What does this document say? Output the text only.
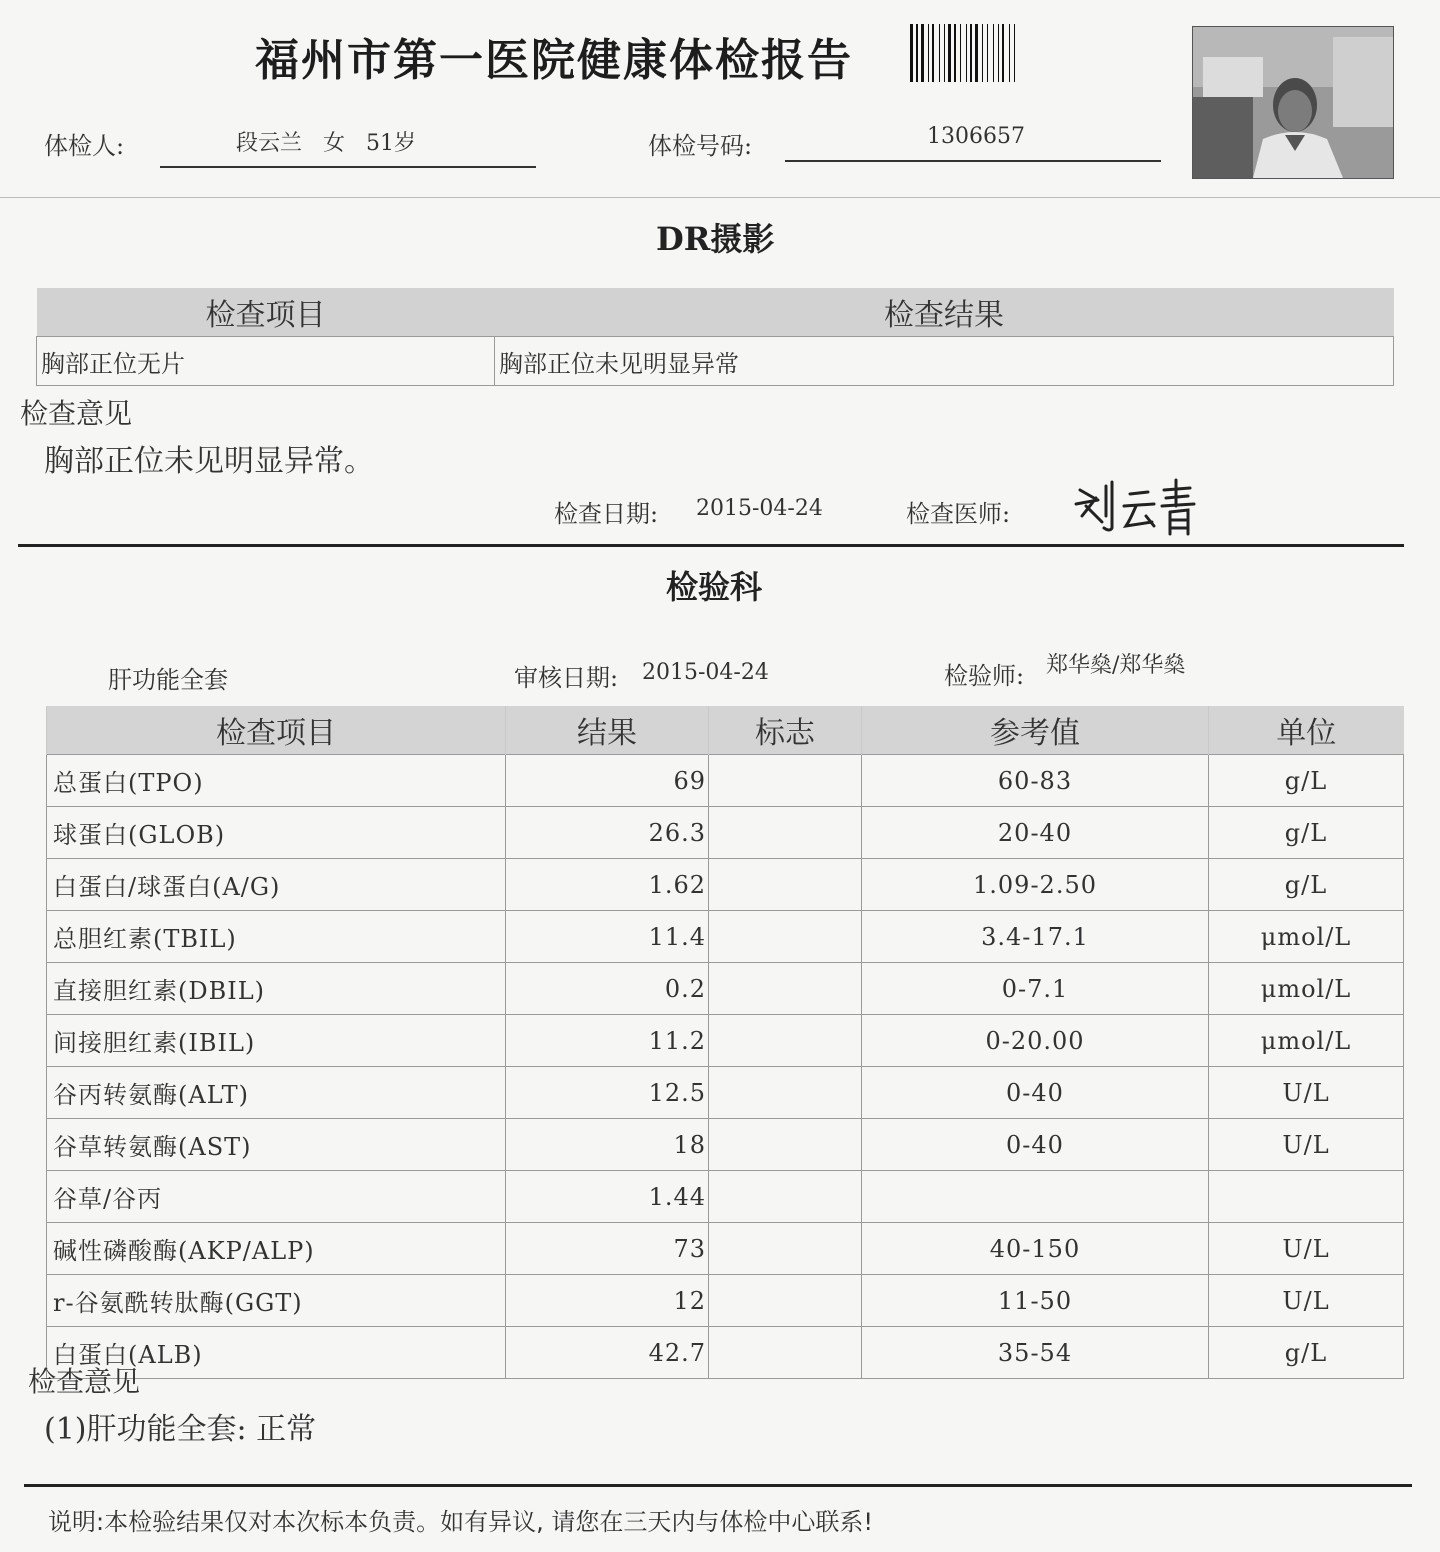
福州市第一医院健康体检报告
体检人:	段云兰   女   51岁	体检号码:	1306657
DR摄影
检查项目	检查结果
胸部正位无片	胸部正位未见明显异常
检查意见
胸部正位未见明显异常。
检查日期: 2015-04-24	检查医师:
检验科
肝功能全套	审核日期: 2015-04-24	检验师: 郑华燊/郑华燊
检查项目	结果	标志	参考值	单位
总蛋白(TPO)	69		60-83	g/L
球蛋白(GLOB)	26.3		20-40	g/L
白蛋白/球蛋白(A/G)	1.62		1.09-2.50	g/L
总胆红素(TBIL)	11.4		3.4-17.1	μmol/L
直接胆红素(DBIL)	0.2		0-7.1	μmol/L
间接胆红素(IBIL)	11.2		0-20.00	μmol/L
谷丙转氨酶(ALT)	12.5		0-40	U/L
谷草转氨酶(AST)	18		0-40	U/L
谷草/谷丙	1.44			
碱性磷酸酶(AKP/ALP)	73		40-150	U/L
r-谷氨酰转肽酶(GGT)	12		11-50	U/L
白蛋白(ALB)	42.7		35-54	g/L
检查意见
(1)肝功能全套: 正常
说明:本检验结果仅对本次标本负责。如有异议, 请您在三天内与体检中心联系!
